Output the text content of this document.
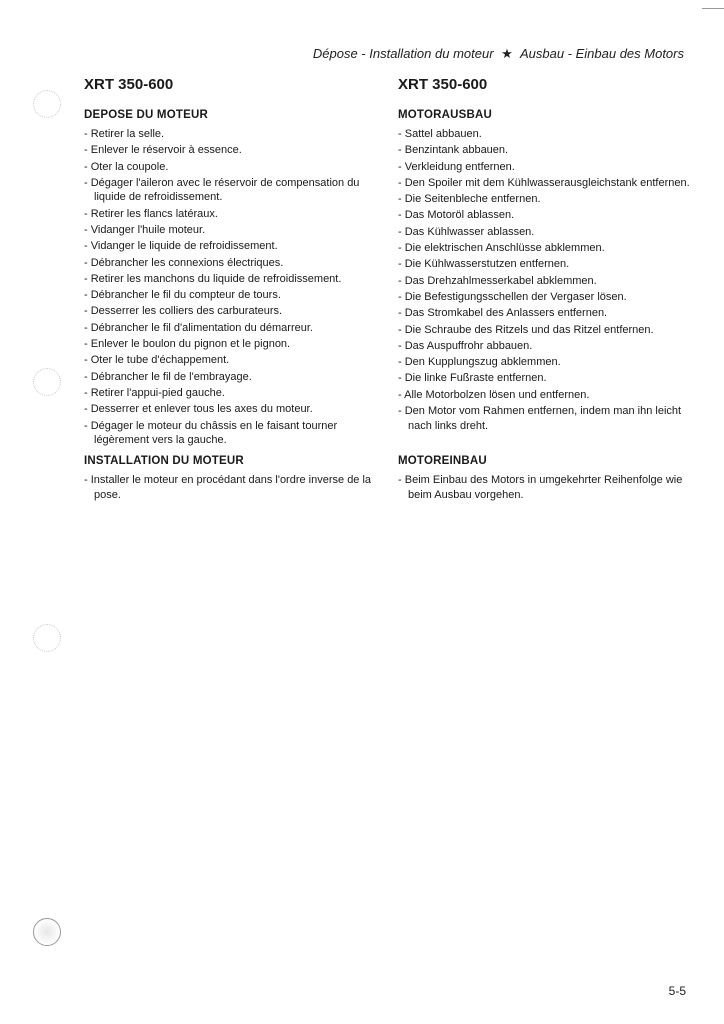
Dépose - Installation du moteur ★ Ausbau - Einbau des Motors
XRT 350-600
DEPOSE DU MOTEUR
- Retirer la selle.
- Enlever le réservoir à essence.
- Oter la coupole.
- Dégager l'aileron avec le réservoir de compensation du liquide de refroidissement.
- Retirer les flancs latéraux.
- Vidanger l'huile moteur.
- Vidanger le liquide de refroidissement.
- Débrancher les connexions électriques.
- Retirer les manchons du liquide de refroidissement.
- Débrancher le fil du compteur de tours.
- Desserrer les colliers des carburateurs.
- Débrancher le fil d'alimentation du démarreur.
- Enlever le boulon du pignon et le pignon.
- Oter le tube d'échappement.
- Débrancher le fil de l'embrayage.
- Retirer l'appui-pied gauche.
- Desserrer et enlever tous les axes du moteur.
- Dégager le moteur du châssis en le faisant tourner légèrement vers la gauche.
INSTALLATION DU MOTEUR
- Installer le moteur en procédant dans l'ordre inverse de la pose.
XRT 350-600
MOTORAUSBAU
- Sattel abbauen.
- Benzintank abbauen.
- Verkleidung entfernen.
- Den Spoiler mit dem Kühlwasserausgleichstank entfernen.
- Die Seitenbleche entfernen.
- Das Motoröl ablassen.
- Das Kühlwasser ablassen.
- Die elektrischen Anschlüsse abklemmen.
- Die Kühlwasserstutzen entfernen.
- Das Drehzahlmesserkabel abklemmen.
- Die Befestigungsschellen der Vergaser lösen.
- Das Stromkabel des Anlassers entfernen.
- Die Schraube des Ritzels und das Ritzel entfernen.
- Das Auspuffrohr abbauen.
- Den Kupplungszug abklemmen.
- Die linke Fußraste entfernen.
- Alle Motorbolzen lösen und entfernen.
- Den Motor vom Rahmen entfernen, indem man ihn leicht nach links dreht.
MOTOREINBAU
- Beim Einbau des Motors in umgekehrter Reihenfolge wie beim Ausbau vorgehen.
5-5
